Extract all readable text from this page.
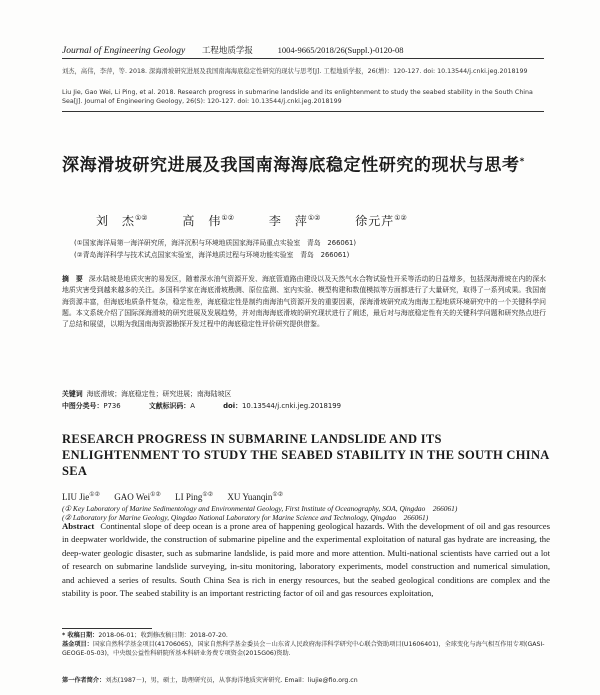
Journal of Engineering Geology 工程地质学报	1004-9665/2018/26(Suppl.)-0120-08
刘杰，高伟，李萍，等. 2018. 深海滑坡研究进展及我国南海海底稳定性研究的现状与思考[J]. 工程地质学报，26(增)：120-127. doi: 10.13544/j.cnki.jeg.2018199
Liu Jie, Gao Wei, Li Ping, et al. 2018. Research progress in submarine landslide and its enlightenment to study the seabed stability in the South China Sea[J]. Journal of Engineering Geology, 26(S): 120-127. doi: 10.13544/j.cnki.jeg.2018199
深海滑坡研究进展及我国南海海底稳定性研究的现状与思考*
刘　杰①②	高　伟①②	李　萍①②	徐元芹①②
(①国家海洋局第一海洋研究所，海洋沉积与环境地质国家海洋局重点实验室　青岛　266061)
(②青岛海洋科学与技术试点国家实验室，海洋地质过程与环境功能实验室　青岛　266061)
摘　要 深水陆坡是地质灾害的易发区，随着深水油气资源开发、海底管道路由建设以及天然气水合物试验性开采等活动的日益增多，包括深海滑坡在内的深水地质灾害受到越来越多的关注。多国科学家在海底滑坡勘测、原位监测、室内实验、模型构建和数值模拟等方面都进行了大量研究，取得了一系列成果。我国南海资源丰富，但海底地质条件复杂，稳定性差，海底稳定性是制约南海油气资源开发的重要因素，深海滑坡研究成为南海工程地质环境研究中的一个关键科学问题。本文系统介绍了国际深海滑坡的研究进展及发展趋势，并对南海海底滑坡的研究现状进行了阐述，最后对与海底稳定性有关的关键科学问题和研究热点进行了总结和展望，以期为我国南海资源勘探开发过程中的海底稳定性评价研究提供借鉴。
关键词 海底滑坡；海底稳定性；研究进展；南海陆坡区
中图分类号：P736	文献标识码：A	doi：10.13544/j.cnki.jeg.2018199
RESEARCH PROGRESS IN SUBMARINE LANDSLIDE AND ITS ENLIGHTENMENT TO STUDY THE SEABED STABILITY IN THE SOUTH CHINA SEA
LIU Jie①② GAO Wei①② LI Ping①② XU Yuanqin①②
(① Key Laboratory of Marine Sedimentology and Environmental Geology, First Institute of Oceanography, SOA, Qingdao　266061)
(② Laboratory for Marine Geology, Qingdao National Laboratory for Marine Science and Technology, Qingdao　266061)
Abstract Continental slope of deep ocean is a prone area of happening geological hazards. With the development of oil and gas resources in deepwater worldwide, the construction of submarine pipeline and the experimental exploitation of natural gas hydrate are increasing, the deep-water geologic disaster, such as submarine landslide, is paid more and more attention. Multi-national scientists have carried out a lot of research on submarine landslide surveying, in-situ monitoring, laboratory experiments, model construction and numerical simulation, and achieved a series of results. South China Sea is rich in energy resources, but the seabed geological conditions are complex and the stability is poor. The seabed stability is an important restricting factor of oil and gas resources exploitation,
* 收稿日期：2018-06-01；收到修改稿日期：2018-07-20.
基金项目：国家自然科学基金项目(41706065)，国家自然科学基金委员会－山东省人民政府海洋科学研究中心联合资助项目(U1606401)，全球变化与海气相互作用专项(GASI-GEOGE-05-03)，中央级公益性科研院所基本科研业务费专项资金(2015G06)资助.
第一作者简介：刘杰(1987－)，男，硕士，助理研究员，从事海洋地质灾害研究. Email：liujie@fio.org.cn
